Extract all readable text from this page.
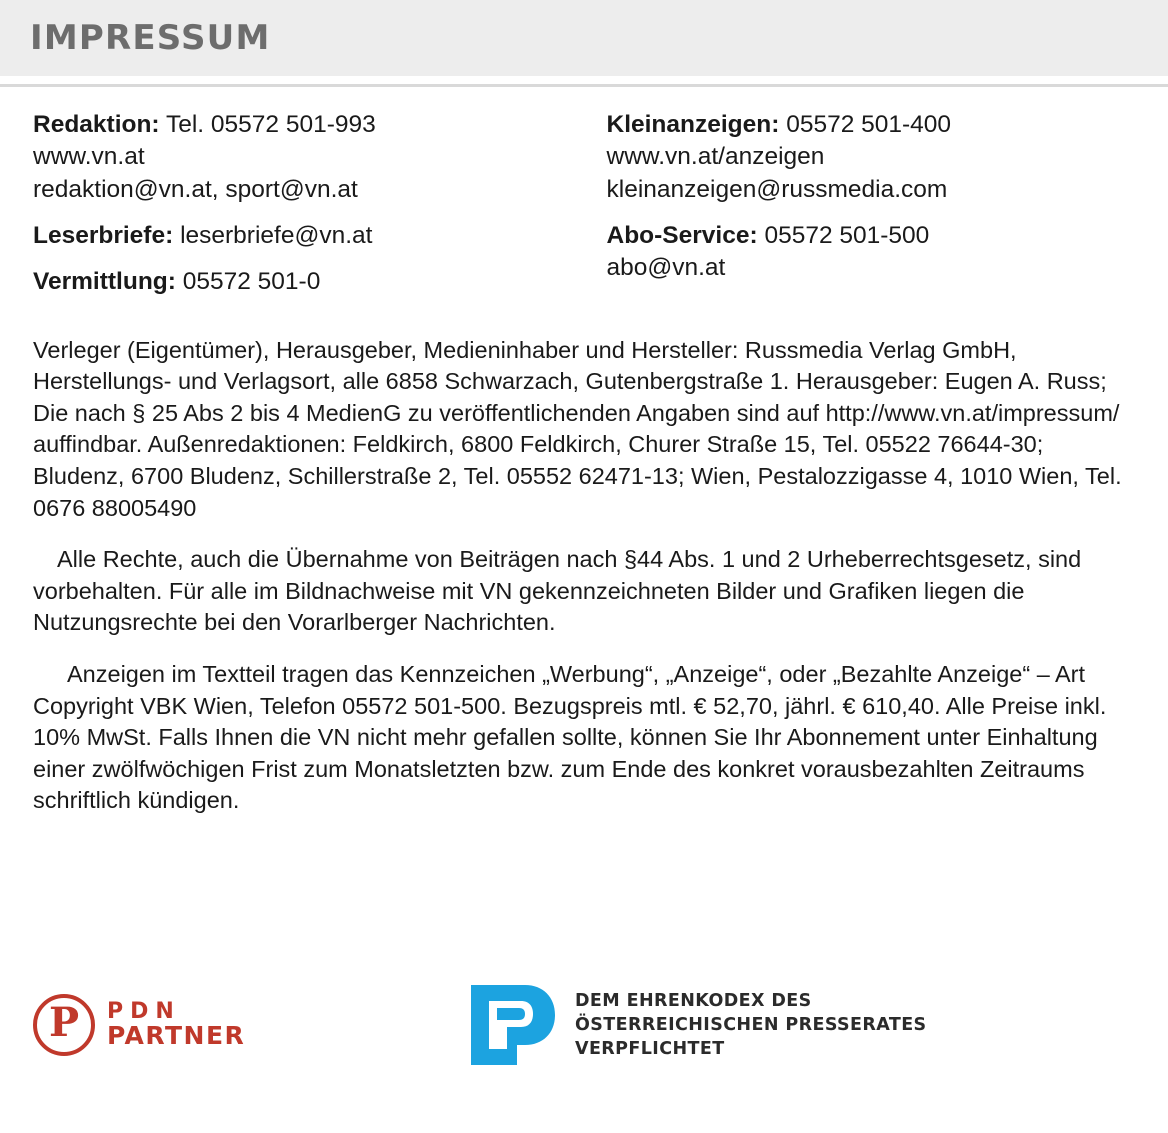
IMPRESSUM
Redaktion: Tel. 05572 501-993
www.vn.at
redaktion@vn.at, sport@vn.at
Leserbriefe: leserbriefe@vn.at
Vermittlung: 05572 501-0
Kleinanzeigen: 05572 501-400
www.vn.at/anzeigen
kleinanzeigen@russmedia.com
Abo-Service: 05572 501-500
abo@vn.at

Verleger (Eigentümer), Herausgeber, Medieninhaber und Hersteller: Russmedia Verlag GmbH, Herstellungs- und Verlagsort, alle 6858 Schwarzach, Gutenbergstraße 1. Herausgeber: Eugen A. Russ; Die nach § 25 Abs 2 bis 4 MedienG zu veröffentlichenden Angaben sind auf http://www.vn.at/impressum/ auffindbar. Außenredaktionen: Feldkirch, 6800 Feldkirch, Churer Straße 15, Tel. 05522 76644-30; Bludenz, 6700 Bludenz, Schillerstraße 2, Tel. 05552 62471-13; Wien, Pestalozzigasse 4, 1010 Wien, Tel. 0676 88005490

Alle Rechte, auch die Übernahme von Beiträgen nach §44 Abs. 1 und 2 Urheberrechtsgesetz, sind vorbehalten. Für alle im Bildnachweise mit VN gekennzeichneten Bilder und Grafiken liegen die Nutzungsrechte bei den Vorarlberger Nachrichten.

Anzeigen im Textteil tragen das Kennzeichen „Werbung“, „Anzeige“, oder „Bezahlte Anzeige“ – Art Copyright VBK Wien, Telefon 05572 501-500. Bezugspreis mtl. € 52,70, jährl. € 610,40. Alle Preise inkl. 10% MwSt. Falls Ihnen die VN nicht mehr gefallen sollte, können Sie Ihr Abonnement unter Einhaltung einer zwölfwöchigen Frist zum Monatsletzten bzw. zum Ende des konkret vorausbezahlten Zeitraums schriftlich kündigen.

P PDN
PARTNER
DEM EHRENKODEX DES
ÖSTERREICHISCHEN PRESSERATES
VERPFLICHTET
